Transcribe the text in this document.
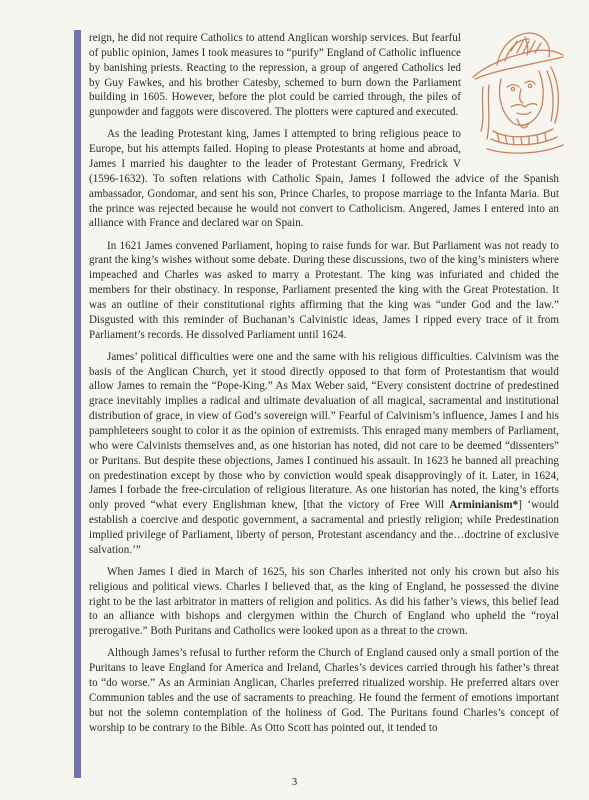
reign, he did not require Catholics to attend Anglican worship services. But fearful of public opinion, James I took measures to “purify” England of Catholic influence by banishing priests. Reacting to the repression, a group of angered Catholics led by Guy Fawkes, and his brother Catesby, schemed to burn down the Parliament building in 1605. However, before the plot could be carried through, the piles of gunpowder and faggots were discovered. The plotters were captured and executed.

As the leading Protestant king, James I attempted to bring religious peace to Europe, but his attempts failed. Hoping to please Protestants at home and abroad, James I married his daughter to the leader of Protestant Germany, Fredrick V (1596-1632). To soften relations with Catholic Spain, James I followed the advice of the Spanish ambassador, Gondomar, and sent his son, Prince Charles, to propose marriage to the Infanta Maria. But the prince was rejected because he would not convert to Catholicism. Angered, James I entered into an alliance with France and declared war on Spain.

In 1621 James convened Parliament, hoping to raise funds for war. But Parliament was not ready to grant the king’s wishes without some debate. During these discussions, two of the king’s ministers where impeached and Charles was asked to marry a Protestant. The king was infuriated and chided the members for their obstinacy. In response, Parliament presented the king with the Great Protestation. It was an outline of their constitutional rights affirming that the king was “under God and the law.” Disgusted with this reminder of Buchanan’s Calvinistic ideas, James I ripped every trace of it from Parliament’s records. He dissolved Parliament until 1624.

James’ political difficulties were one and the same with his religious difficulties. Calvinism was the basis of the Anglican Church, yet it stood directly opposed to that form of Protestantism that would allow James to remain the “Pope-King.” As Max Weber said, “Every consistent doctrine of predestined grace inevitably implies a radical and ultimate devaluation of all magical, sacramental and institutional distribution of grace, in view of God’s sovereign will.” Fearful of Calvinism’s influence, James I and his pamphleteers sought to color it as the opinion of extremists. This enraged many members of Parliament, who were Calvinists themselves and, as one historian has noted, did not care to be deemed “dissenters” or Puritans. But despite these objections, James I continued his assault. In 1623 he banned all preaching on predestination except by those who by conviction would speak disapprovingly of it. Later, in 1624, James I forbade the free-circulation of religious literature. As one historian has noted, the king’s efforts only proved “what every Englishman knew, [that the victory of Free Will Arminianism*] ‘would establish a coercive and despotic government, a sacramental and priestly religion; while Predestination implied privilege of Parliament, liberty of person, Protestant ascendancy and the…doctrine of exclusive salvation.’”

When James I died in March of 1625, his son Charles inherited not only his crown but also his religious and political views. Charles I believed that, as the king of England, he possessed the divine right to be the last arbitrator in matters of religion and politics. As did his father’s views, this belief lead to an alliance with bishops and clergymen within the Church of England who upheld the “royal prerogative.” Both Puritans and Catholics were looked upon as a threat to the crown.

Although James’s refusal to further reform the Church of England caused only a small portion of the Puritans to leave England for America and Ireland, Charles’s devices carried through his father’s threat to “do worse.” As an Arminian Anglican, Charles preferred ritualized worship. He preferred altars over Communion tables and the use of sacraments to preaching. He found the ferment of emotions important but not the solemn contemplation of the holiness of God. The Puritans found Charles’s concept of worship to be contrary to the Bible. As Otto Scott has pointed out, it tended to

3
